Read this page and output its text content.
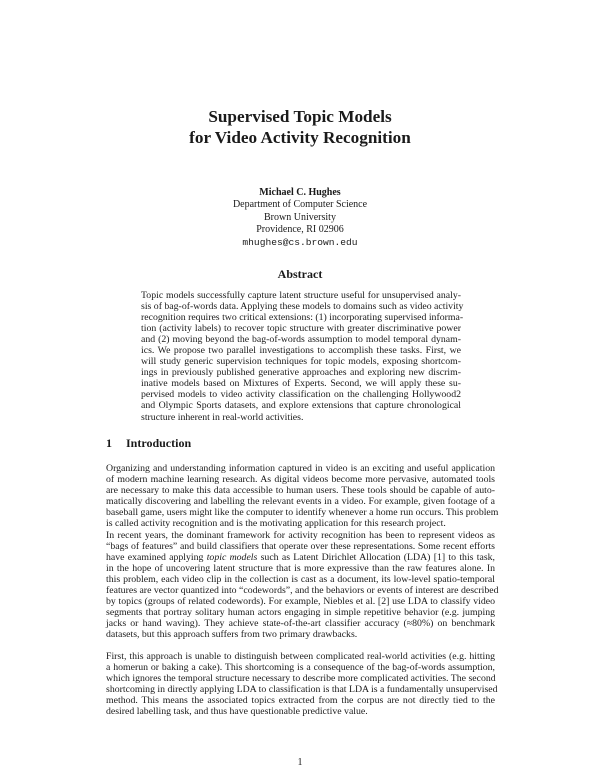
Supervised Topic Models
for Video Activity Recognition
Michael C. Hughes
Department of Computer Science
Brown University
Providence, RI 02906
mhughes@cs.brown.edu
Abstract
Topic models successfully capture latent structure useful for unsupervised analy-
sis of bag-of-words data. Applying these models to domains such as video activity
recognition requires two critical extensions: (1) incorporating supervised informa-
tion (activity labels) to recover topic structure with greater discriminative power
and (2) moving beyond the bag-of-words assumption to model temporal dynam-
ics. We propose two parallel investigations to accomplish these tasks. First, we
will study generic supervision techniques for topic models, exposing shortcom-
ings in previously published generative approaches and exploring new discrim-
inative models based on Mixtures of Experts. Second, we will apply these su-
pervised models to video activity classification on the challenging Hollywood2
and Olympic Sports datasets, and explore extensions that capture chronological
structure inherent in real-world activities.
1 Introduction
Organizing and understanding information captured in video is an exciting and useful application
of modern machine learning research. As digital videos become more pervasive, automated tools
are necessary to make this data accessible to human users. These tools should be capable of auto-
matically discovering and labelling the relevant events in a video. For example, given footage of a
baseball game, users might like the computer to identify whenever a home run occurs. This problem
is called activity recognition and is the motivating application for this research project.
In recent years, the dominant framework for activity recognition has been to represent videos as
“bags of features” and build classifiers that operate over these representations. Some recent efforts
have examined applying topic models such as Latent Dirichlet Allocation (LDA) [1] to this task,
in the hope of uncovering latent structure that is more expressive than the raw features alone. In
this problem, each video clip in the collection is cast as a document, its low-level spatio-temporal
features are vector quantized into “codewords”, and the behaviors or events of interest are described
by topics (groups of related codewords). For example, Niebles et al. [2] use LDA to classify video
segments that portray solitary human actors engaging in simple repetitive behavior (e.g. jumping
jacks or hand waving). They achieve state-of-the-art classifier accuracy (≈80%) on benchmark
datasets, but this approach suffers from two primary drawbacks.
First, this approach is unable to distinguish between complicated real-world activities (e.g. hitting
a homerun or baking a cake). This shortcoming is a consequence of the bag-of-words assumption,
which ignores the temporal structure necessary to describe more complicated activities. The second
shortcoming in directly applying LDA to classification is that LDA is a fundamentally unsupervised
method. This means the associated topics extracted from the corpus are not directly tied to the
desired labelling task, and thus have questionable predictive value.
1
